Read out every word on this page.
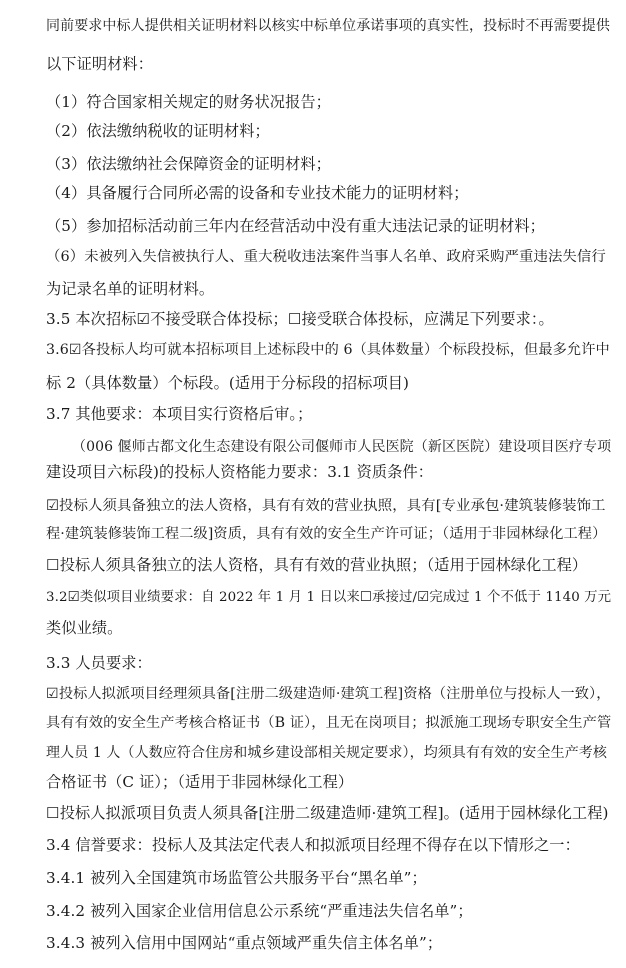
同前要求中标人提供相关证明材料以核实中标单位承诺事项的真实性，投标时不再需要提供
以下证明材料：
（1）符合国家相关规定的财务状况报告；
（2）依法缴纳税收的证明材料；
（3）依法缴纳社会保障资金的证明材料；
（4）具备履行合同所必需的设备和专业技术能力的证明材料；
（5）参加招标活动前三年内在经营活动中没有重大违法记录的证明材料；
（6）未被列入失信被执行人、重大税收违法案件当事人名单、政府采购严重违法失信行
为记录名单的证明材料。
3.5 本次招标☑不接受联合体投标；☐接受联合体投标，应满足下列要求：。
3.6☑各投标人均可就本招标项目上述标段中的 6（具体数量）个标段投标，但最多允许中
标 2（具体数量）个标段。(适用于分标段的招标项目)
3.7 其他要求：本项目实行资格后审。；
（006 偃师古都文化生态建设有限公司偃师市人民医院（新区医院）建设项目医疗专项
建设项目六标段)的投标人资格能力要求：3.1 资质条件：
☑投标人须具备独立的法人资格，具有有效的营业执照，具有[专业承包·建筑装修装饰工
程·建筑装修装饰工程二级]资质，具有有效的安全生产许可证；（适用于非园林绿化工程）
☐投标人须具备独立的法人资格，具有有效的营业执照；（适用于园林绿化工程）
3.2☑类似项目业绩要求：自 2022 年 1 月 1 日以来☐承接过/☑完成过 1 个不低于 1140 万元
类似业绩。
3.3 人员要求：
☑投标人拟派项目经理须具备[注册二级建造师·建筑工程]资格（注册单位与投标人一致），
具有有效的安全生产考核合格证书（B 证），且无在岗项目；拟派施工现场专职安全生产管
理人员 1 人（人数应符合住房和城乡建设部相关规定要求），均须具有有效的安全生产考核
合格证书（C 证）；（适用于非园林绿化工程）
☐投标人拟派项目负责人须具备[注册二级建造师·建筑工程]。(适用于园林绿化工程)
3.4 信誉要求：投标人及其法定代表人和拟派项目经理不得存在以下情形之一：
3.4.1 被列入全国建筑市场监管公共服务平台“黑名单”；
3.4.2 被列入国家企业信用信息公示系统“严重违法失信名单”；
3.4.3 被列入信用中国网站“重点领域严重失信主体名单”；
